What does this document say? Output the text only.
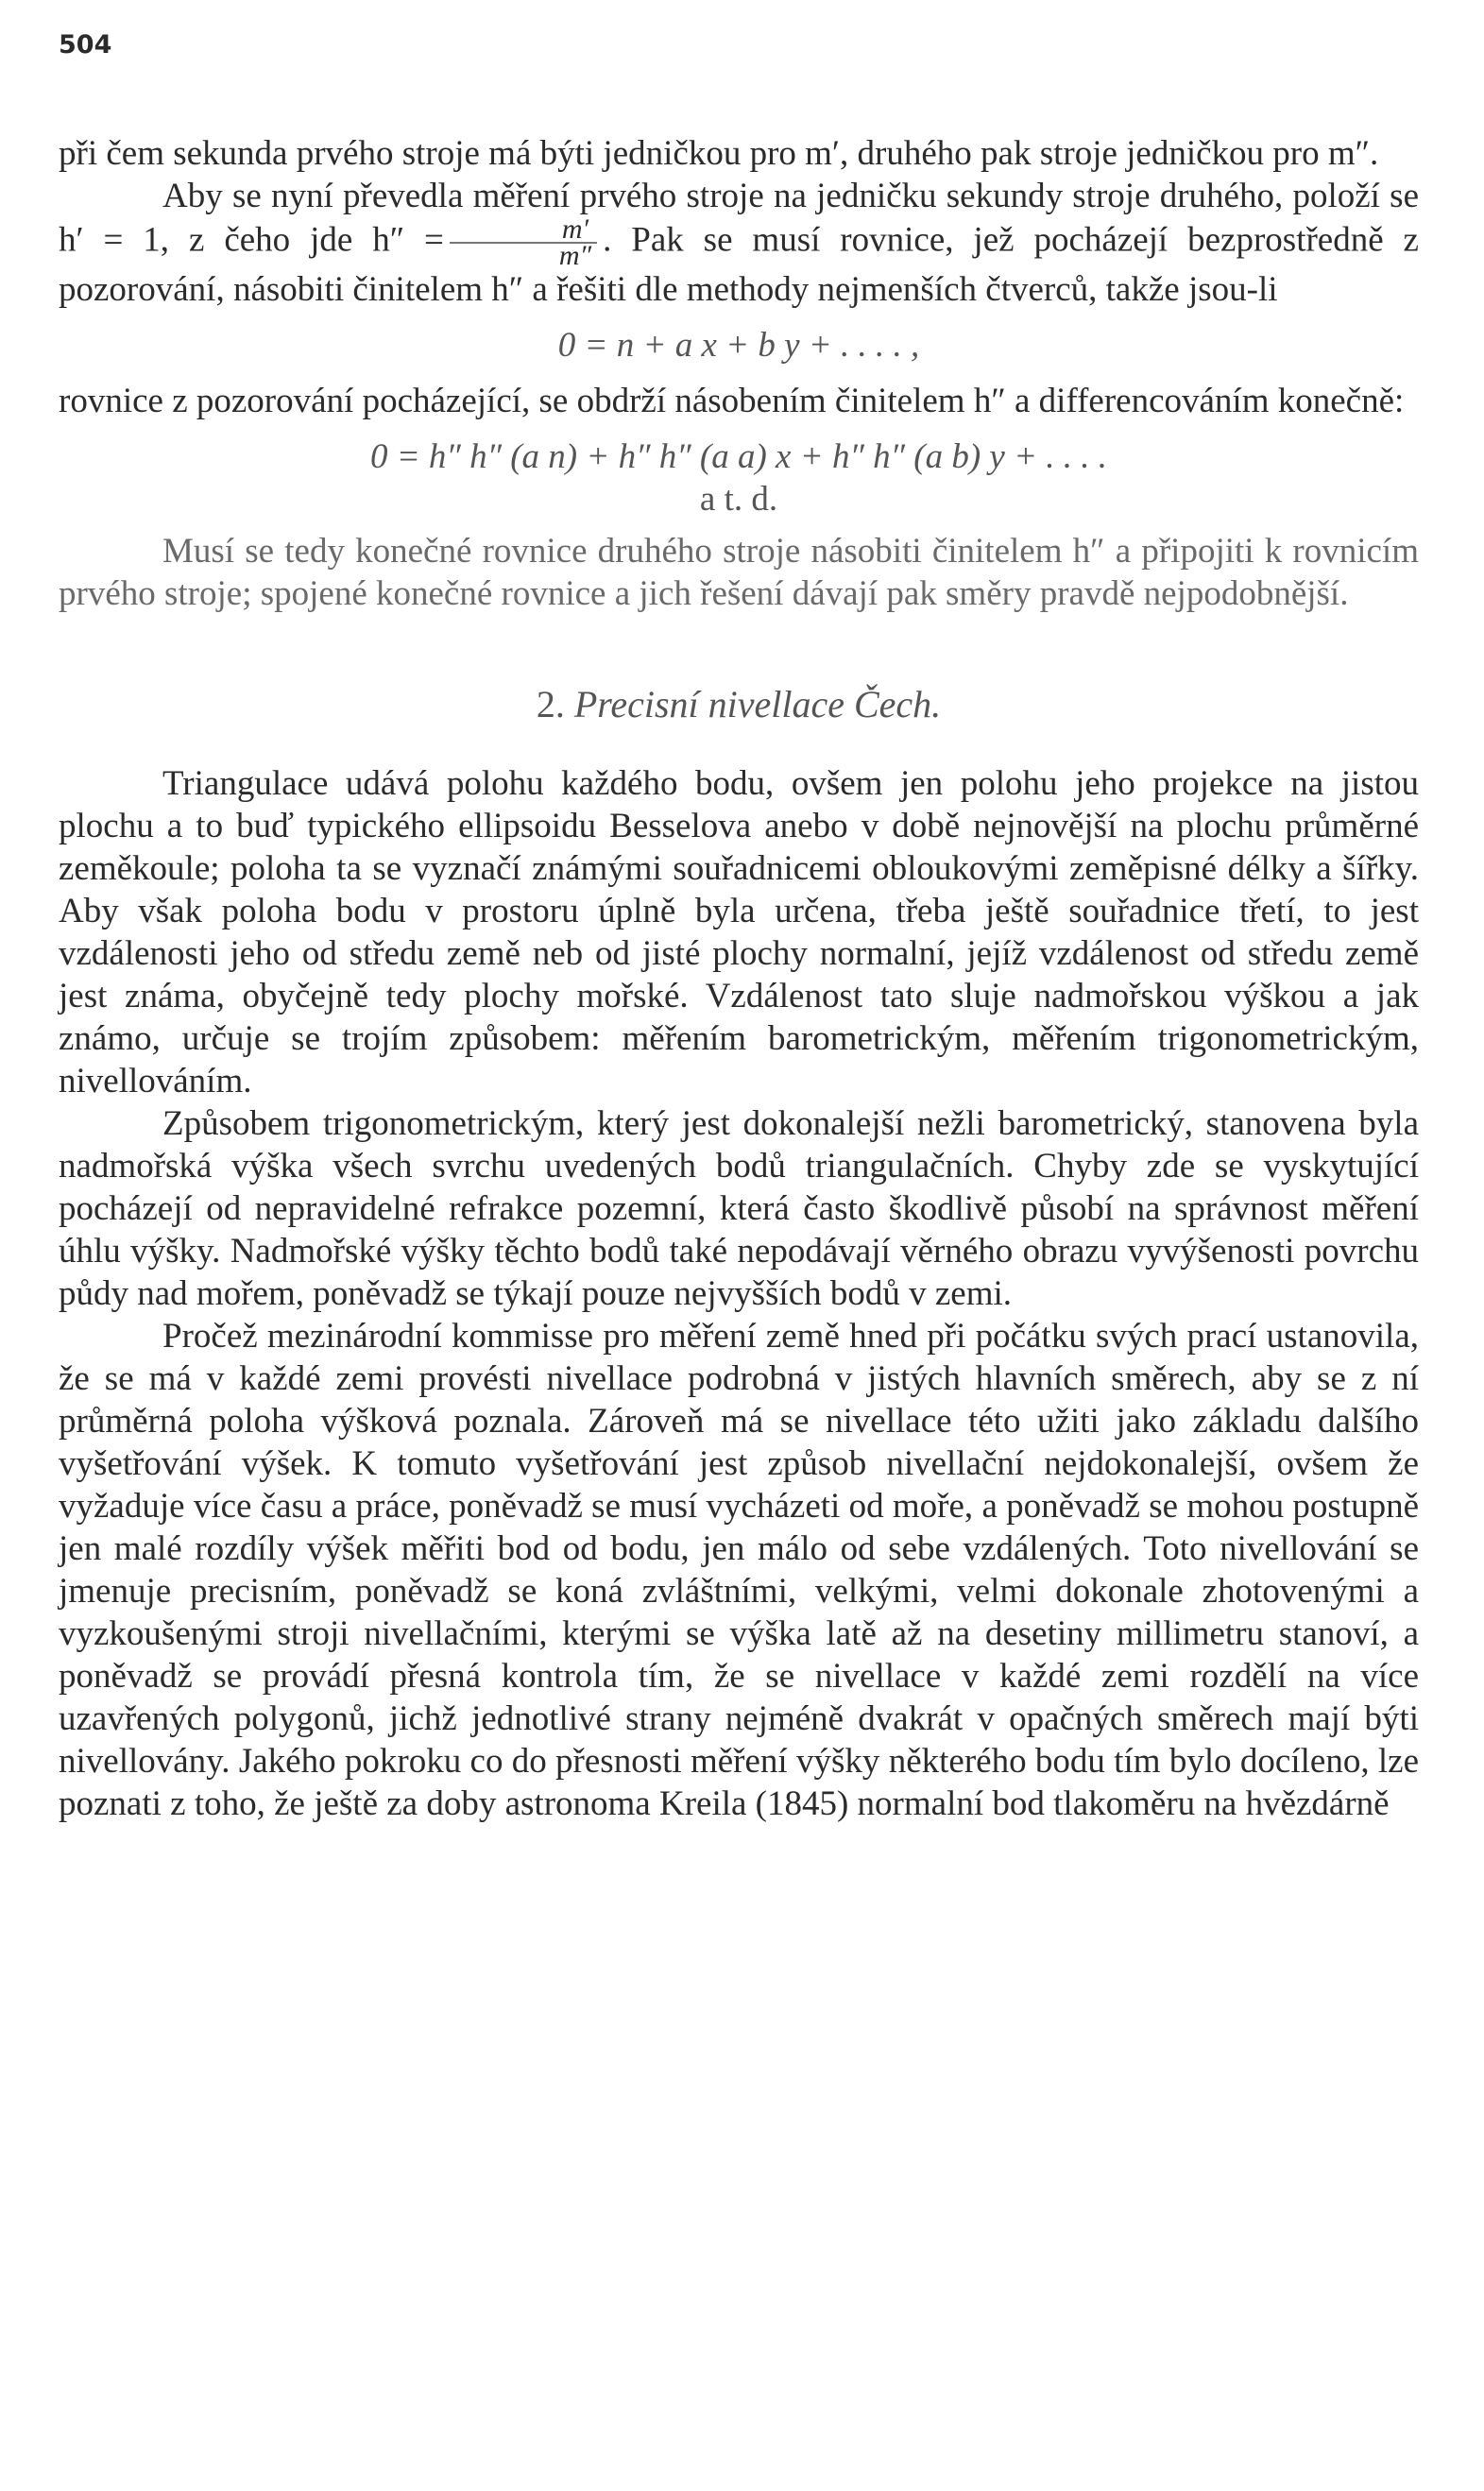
504

při čem sekunda prvého stroje má býti jedničkou pro m′, druhého pak stroje jedničkou pro m″.

Aby se nyní převedla měření prvého stroje na jedničku sekundy stroje druhého, položí se h′ = 1, z čeho jde $h'' = \frac{m'}{m''}$ . Pak se musí rovnice, jež pocházejí bezprostředně z pozorování, násobiti činitelem h″ a řešiti dle methody nejmenších čtverců, takže jsou-li

0 = n + a x + b y + . . . . ,

rovnice z pozorování pocházející, se obdrží násobením činitelem h″ a differencováním konečně:

0 = h″ h″ (a n) + h″ h″ (a a) x + h″ h″ (a b) y + . . . .

a t. d.

Musí se tedy konečné rovnice druhého stroje násobiti činitelem h″ a připojiti k rovnicím prvého stroje; spojené konečné rovnice a jich řešení dávají pak směry pravdě nejpodobnější.

2. Precisní nivellace Čech.

Triangulace udává polohu každého bodu, ovšem jen polohu jeho projekce na jistou plochu a to buď typického ellipsoidu Besselova anebo v době nejnovější na plochu průměrné zeměkoule; poloha ta se vyznačí známými souřadnicemi obloukovými zeměpisné délky a šířky. Aby však poloha bodu v prostoru úplně byla určena, třeba ještě souřadnice třetí, to jest vzdálenosti jeho od středu země neb od jisté plochy normalní, jejíž vzdálenost od středu země jest známa, obyčejně tedy plochy mořské. Vzdálenost tato sluje nadmořskou výškou a jak známo, určuje se trojím způsobem: měřením barometrickým, měřením trigonometrickým, nivellováním.

Způsobem trigonometrickým, který jest dokonalejší nežli barometrický, stanovena byla nadmořská výška všech svrchu uvedených bodů triangulačních. Chyby zde se vyskytující pocházejí od nepravidelné refrakce pozemní, která často škodlivě působí na správnost měření úhlu výšky. Nadmořské výšky těchto bodů také nepodávají věrného obrazu vyvýšenosti povrchu půdy nad mořem, poněvadž se týkají pouze nejvyšších bodů v zemi.

Pročež mezinárodní kommisse pro měření země hned při počátku svých prací ustanovila, že se má v každé zemi provésti nivellace podrobná v jistých hlavních směrech, aby se z ní průměrná poloha výšková poznala. Zároveň má se nivellace této užiti jako základu dalšího vyšetřování výšek. K tomuto vyšetřování jest způsob nivellační nejdokonalejší, ovšem že vyžaduje více času a práce, poněvadž se musí vycházeti od moře, a poněvadž se mohou postupně jen malé rozdíly výšek měřiti bod od bodu, jen málo od sebe vzdálených. Toto nivellování se jmenuje precisním, poněvadž se koná zvláštními, velkými, velmi dokonale zhotovenými a vyzkoušenými stroji nivellačními, kterými se výška latě až na desetiny millimetru stanoví, a poněvadž se provádí přesná kontrola tím, že se nivellace v každé zemi rozdělí na více uzavřených polygonů, jichž jednotlivé strany nejméně dvakrát v opačných směrech mají býti nivellovány. Jakého pokroku co do přesnosti měření výšky některého bodu tím bylo docíleno, lze poznati z toho, že ještě za doby astronoma Kreila (1845) normalní bod tlakoměru na hvězdárně
